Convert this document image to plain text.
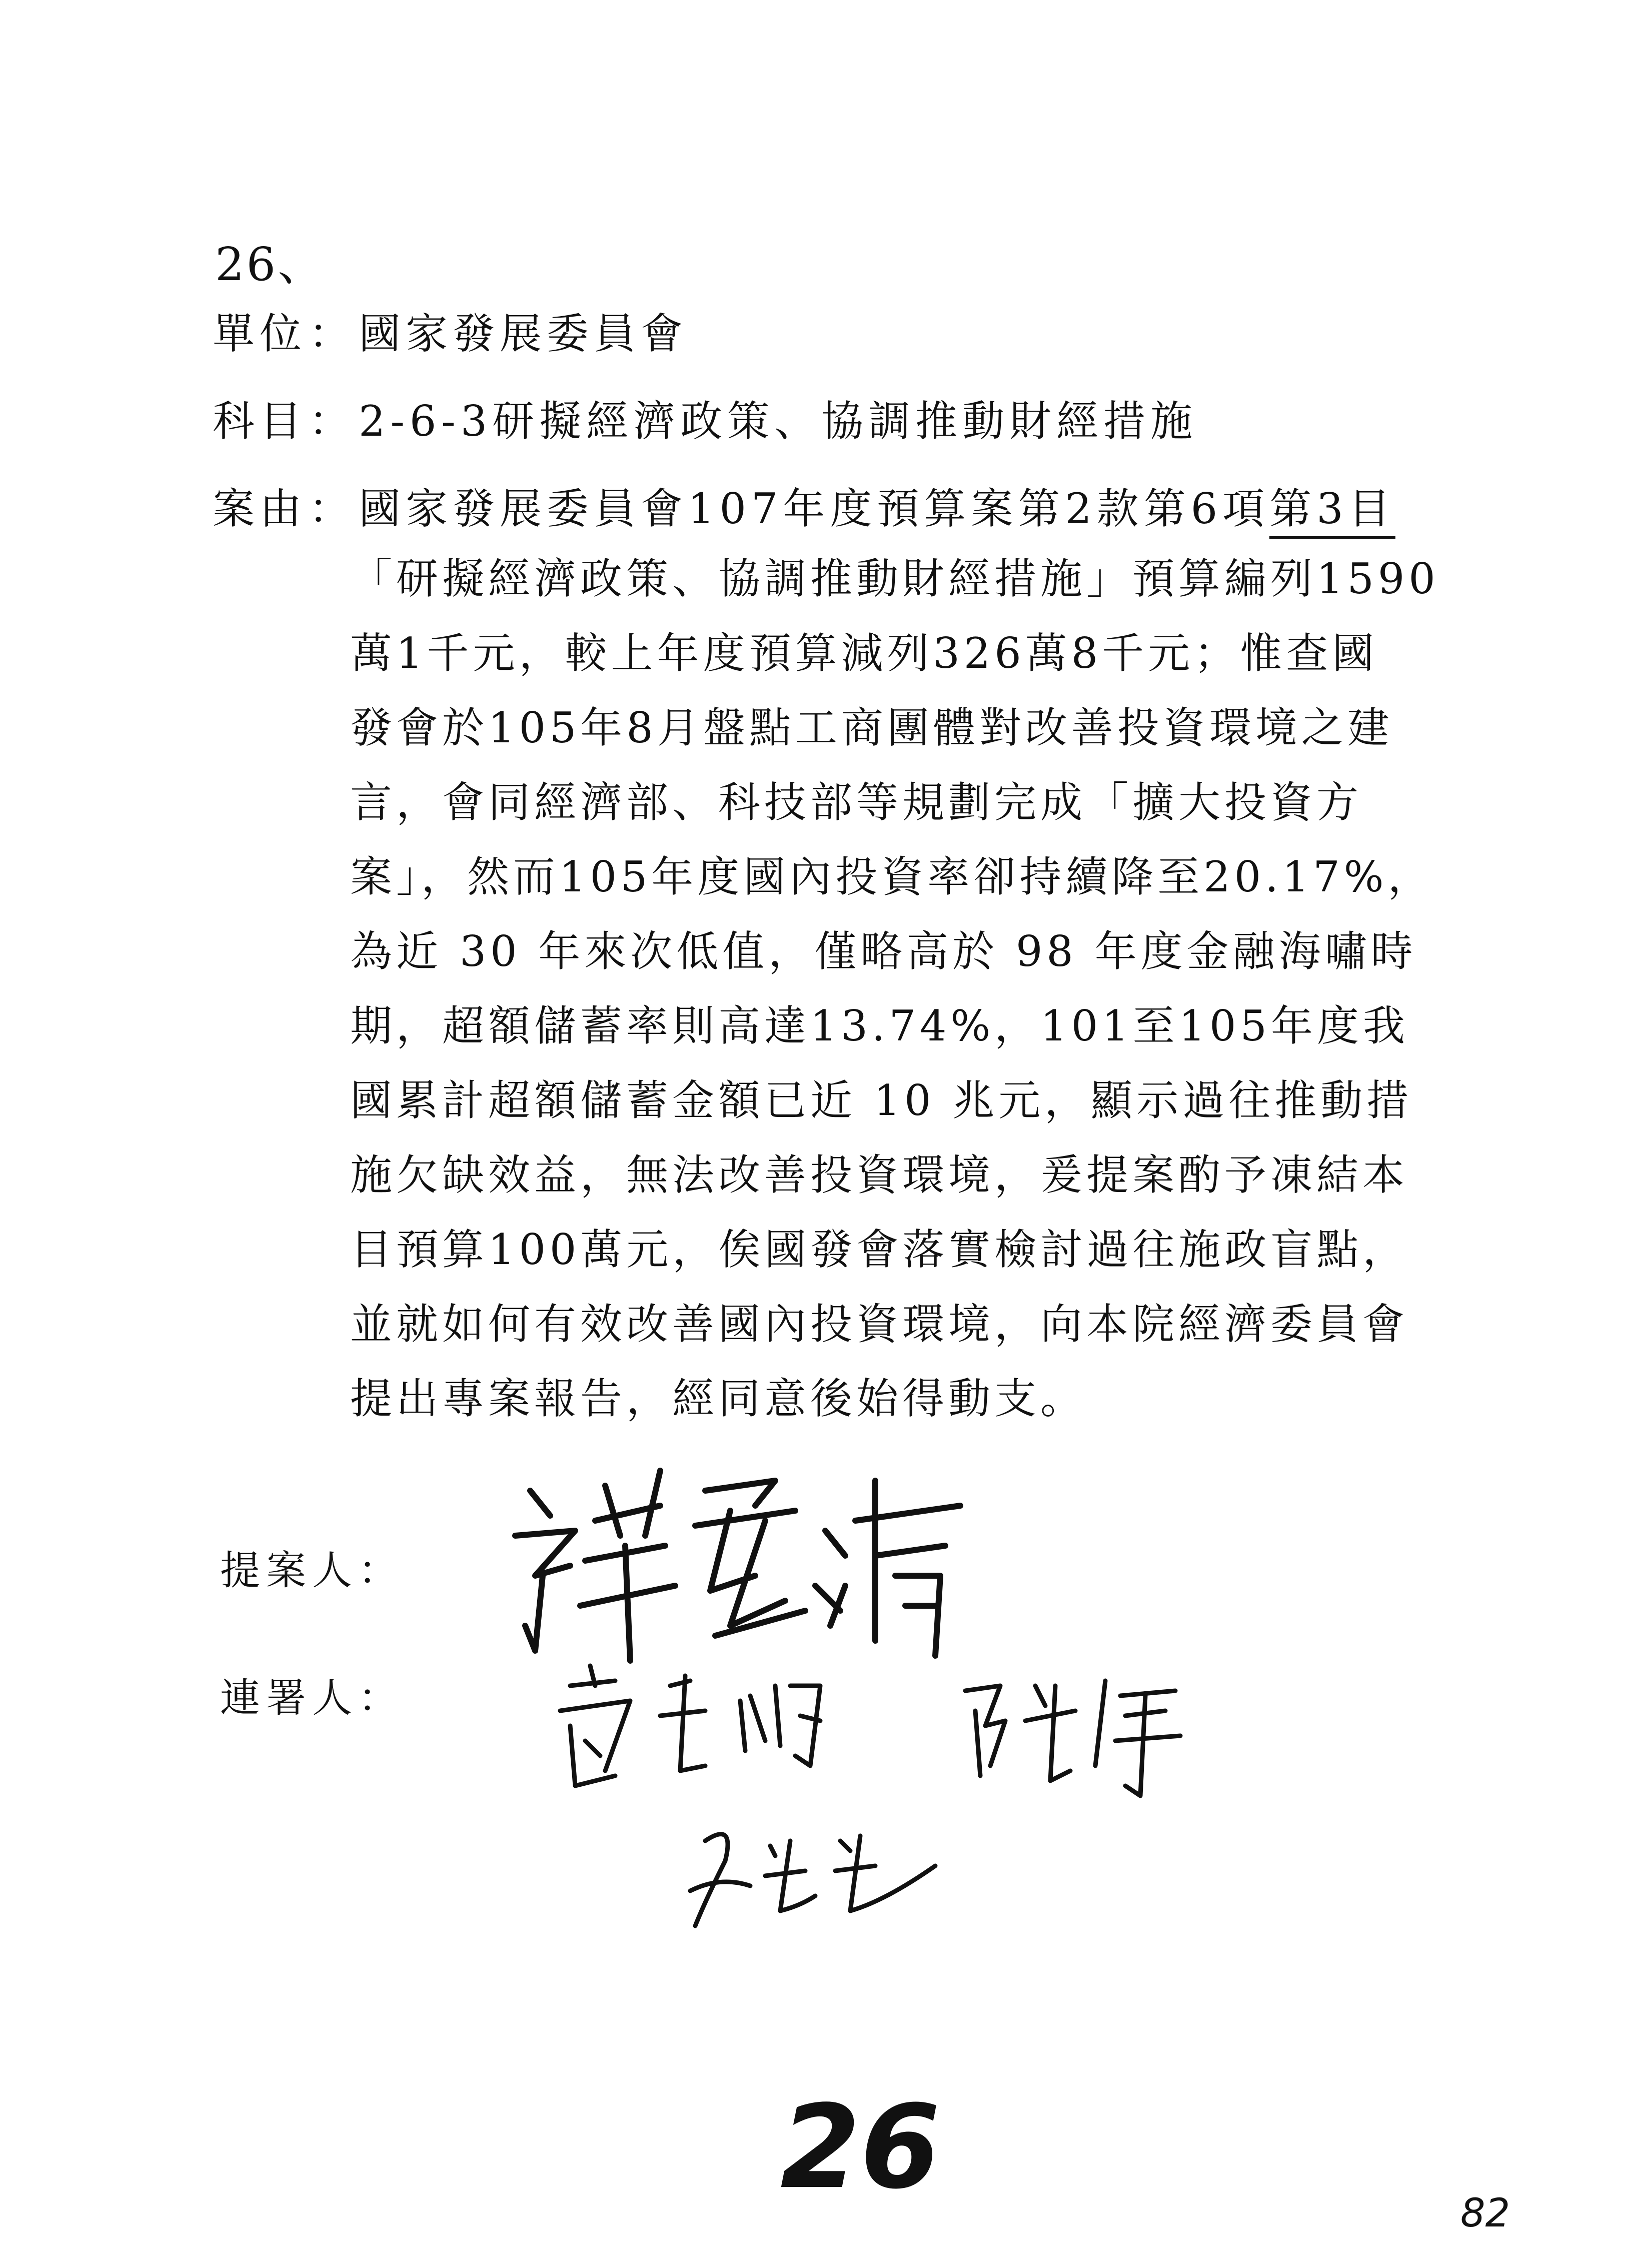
26、
單位：國家發展委員會
科目：2-6-3研擬經濟政策、協調推動財經措施
案由：國家發展委員會107年度預算案第2款第6項第3目
「研擬經濟政策、協調推動財經措施」預算編列1590
萬1千元，較上年度預算減列326萬8千元；惟查國
發會於105年8月盤點工商團體對改善投資環境之建
言，會同經濟部、科技部等規劃完成「擴大投資方
案」，然而105年度國內投資率卻持續降至20.17%，
為近 30 年來次低值，僅略高於 98 年度金融海嘯時
期，超額儲蓄率則高達13.74%，101至105年度我
國累計超額儲蓄金額已近 10 兆元，顯示過往推動措
施欠缺效益，無法改善投資環境，爰提案酌予凍結本
目預算100萬元，俟國發會落實檢討過往施政盲點，
並就如何有效改善國內投資環境，向本院經濟委員會
提出專案報告，經同意後始得動支。
提案人：
連署人：
26	82
